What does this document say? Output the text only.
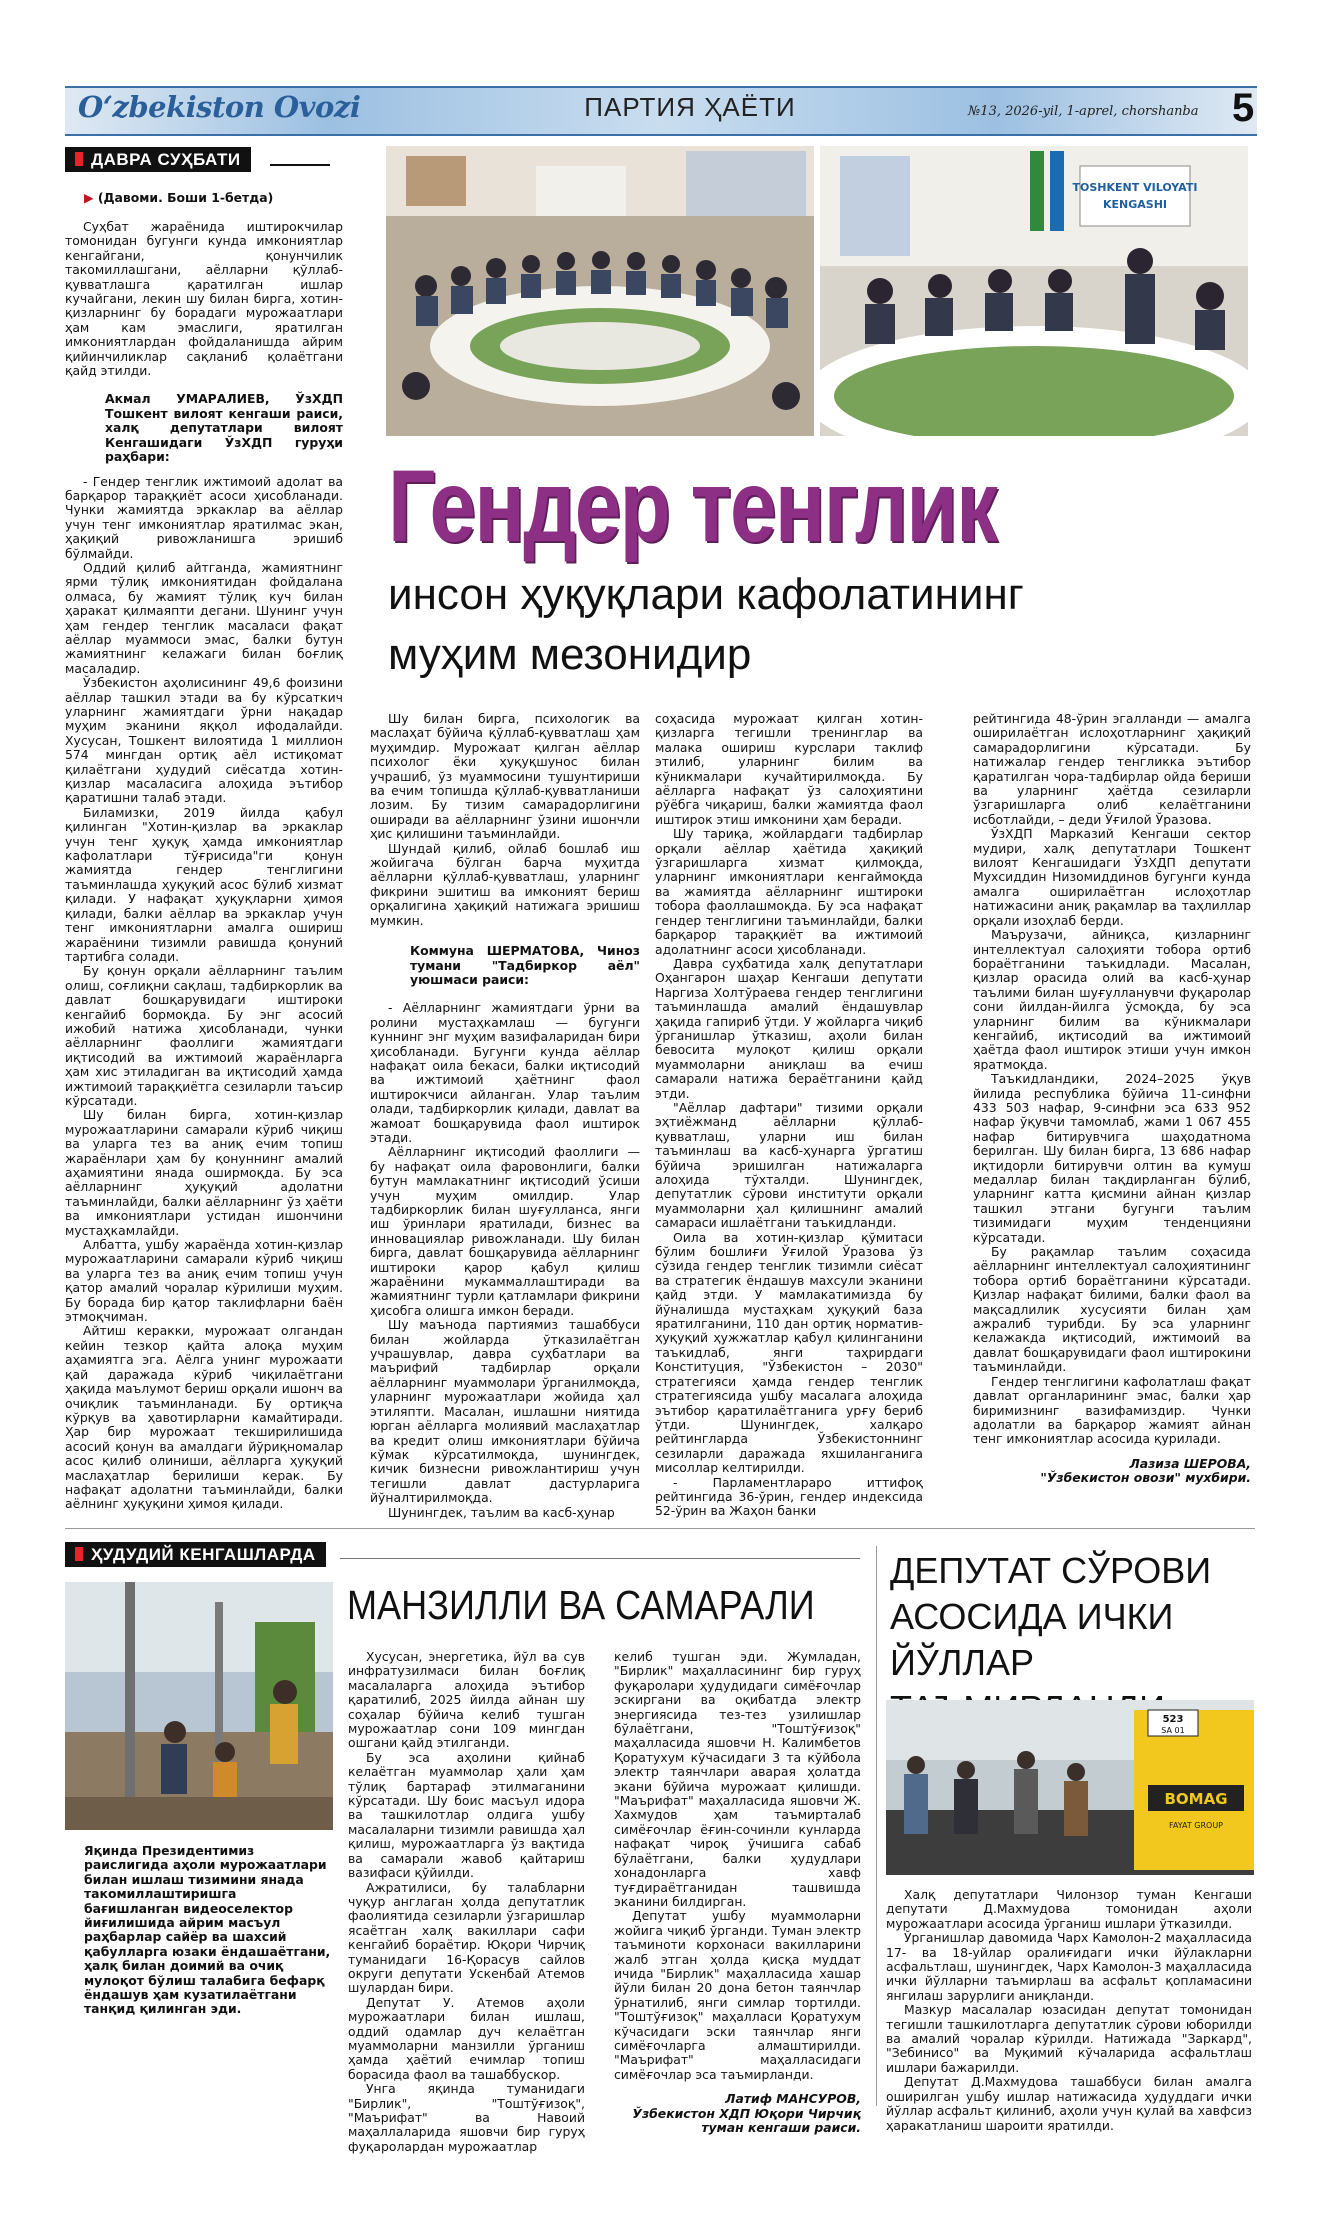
O‘zbekiston Ovozi	ПАРТИЯ ҲАЁТИ	№13, 2026-yil, 1-aprel, chorshanba 5
ДАВРА СУҲБАТИ
▶ (Давоми. Боши 1-бетда)

Суҳбат жараёнида иштирокчилар томонидан бугунги кунда имкониятлар кенгайгани, қонунчилик такомиллашгани, аёлларни қўллаб-қувватлашга қаратилган ишлар кучайгани, лекин шу билан бирга, хотин-қизларнинг бу борадаги мурожаатлари ҳам кам эмаслиги, яратилган имкониятлардан фойдаланишда айрим қийинчиликлар сақланиб қолаётгани қайд этилди.

Акмал УМАРАЛИЕВ, ЎзХДП Тошкент вилоят кенгаши раиси, халқ депутатлари вилоят Кенгашидаги ЎзХДП гуруҳи раҳбари:

- Гендер тенглик ижтимоий адолат ва барқарор тараққиёт асоси ҳисобланади. Чунки жамиятда эркаклар ва аёллар учун тенг имкониятлар яратилмас экан, ҳақиқий ривожланишга эришиб бўлмайди.

Оддий қилиб айтганда, жамиятнинг ярми тўлиқ имкониятидан фойдалана олмаса, бу жамият тўлиқ куч билан ҳаракат қилмаяпти дегани. Шунинг учун ҳам гендер тенглик масаласи фақат аёллар муаммоси эмас, балки бутун жамиятнинг келажаги билан боғлиқ масаладир.

Ўзбекистон аҳолисининг 49,6 фоизини аёллар ташкил этади ва бу кўрсаткич уларнинг жамиятдаги ўрни нақадар муҳим эканини яққол ифодалайди. Хусусан, Тошкент вилоятида 1 миллион 574 мингдан ортиқ аёл истиқомат қилаётгани ҳудудий сиёсатда хотин-қизлар масаласига алоҳида эътибор қаратишни талаб этади.

Биламизки, 2019 йилда қабул қилинган "Хотин-қизлар ва эркаклар учун тенг ҳуқуқ ҳамда имкониятлар кафолатлари тўғрисида"ги қонун жамиятда гендер тенглигини таъминлашда ҳуқуқий асос бўлиб хизмат қилади. У нафақат ҳуқуқларни ҳимоя қилади, балки аёллар ва эркаклар учун тенг имкониятларни амалга ошириш жараёнини тизимли равишда қонуний тартибга солади.

Бу қонун орқали аёлларнинг таълим олиш, соғлиқни сақлаш, тадбиркорлик ва давлат бошқарувидаги иштироки кенгайиб бормоқда. Бу энг асосий ижобий натижа ҳисобланади, чунки аёлларнинг фаоллиги жамиятдаги иқтисодий ва ижтимоий жараёнларга ҳам хис этиладиган ва иқтисодий ҳамда ижтимоий тараққиётга сезиларли таъсир кўрсатади.

Шу билан бирга, хотин-қизлар мурожаатларини самарали кўриб чиқиш ва уларга тез ва аниқ ечим топиш жараёнлари ҳам бу қонуннинг амалий аҳамиятини янада оширмоқда. Бу эса аёлларнинг ҳуқуқий адолатни таъминлайди, балки аёлларнинг ўз ҳаёти ва имкониятлари устидан ишончини мустаҳкамлайди.

Албатта, ушбу жараёнда хотин-қизлар мурожаатларини самарали кўриб чиқиш ва уларга тез ва аниқ ечим топиш учун қатор амалий чоралар кўрилиши муҳим. Бу борада бир қатор таклифларни баён этмоқчиман.

Айтиш керакки, мурожаат олгандан кейин тезкор қайта алоқа муҳим аҳамиятга эга. Аёлга унинг мурожаати қай даражада кўриб чиқилаётгани ҳақида маълумот бериш орқали ишонч ва очиқлик таъминланади. Бу ортиқча кўрқув ва ҳавотирларни камайтиради. Ҳар бир мурожаат текширилишида асосий қонун ва амалдаги йўриқномалар асос қилиб олиниши, аёлларга ҳуқуқий маслаҳатлар берилиши керак. Бу нафақат адолатни таъминлайди, балки аёлнинг ҳуқуқини ҳимоя қилади.

TOSHKENT VILOYATI
KENGASHI
Гендер тенглик
инсон ҳуқуқлари кафолатининг
муҳим мезонидир

Шу билан бирга, психологик ва маслаҳат бўйича қўллаб-қувватлаш ҳам муҳимдир. Мурожаат қилган аёллар психолог ёки ҳуқуқшунос билан учрашиб, ўз муаммосини тушунтириши ва ечим топишда қўллаб-қувватланиши лозим. Бу тизим самарадорлигини оширади ва аёлларнинг ўзини ишончли ҳис қилишини таъминлайди.

Шундай қилиб, ойлаб бошлаб иш жойигача бўлган барча муҳитда аёлларни қўллаб-қувватлаш, уларнинг фикрини эшитиш ва имконият бериш орқалигина ҳақиқий натижага эришиш мумкин.

Коммуна ШЕРМАТОВА, Чиноз тумани "Тадбиркор аёл" уюшмаси раиси:

- Аёлларнинг жамиятдаги ўрни ва ролини мустаҳкамлаш — бугунги куннинг энг муҳим вазифаларидан бири ҳисобланади. Бугунги кунда аёллар нафақат оила бекаси, балки иқтисодий ва ижтимоий ҳаётнинг фаол иштирокчиси айланган. Улар таълим олади, тадбиркорлик қилади, давлат ва жамоат бошқарувида фаол иштирок этади.

Аёлларнинг иқтисодий фаоллиги — бу нафақат оила фаровонлиги, балки бутун мамлакатнинг иқтисодий ўсиши учун муҳим омилдир. Улар тадбиркорлик билан шуғулланса, янги иш ўринлари яратилади, бизнес ва инновациялар ривожланади. Шу билан бирга, давлат бошқарувида аёлларнинг иштироки қарор қабул қилиш жараёнини мукаммаллаштиради ва жамиятнинг турли қатламлари фикрини ҳисобга олишга имкон беради.

Шу маънода партиямиз ташаббуси билан жойларда ўтказилаётган учрашувлар, давра суҳбатлари ва маърифий тадбирлар орқали аёлларнинг муаммолари ўрганилмоқда, уларнинг мурожаатлари жойида ҳал этиляпти. Масалан, ишлашни ниятида юрган аёлларга молиявий маслаҳатлар ва кредит олиш имкониятлари бўйича кўмак кўрсатилмоқда, шунингдек, кичик бизнесни ривожлантириш учун тегишли давлат дастурларига йўналтирилмоқда.

Шунингдек, таълим ва касб-ҳунар

соҳасида мурожаат қилган хотин-қизларга тегишли тренинглар ва малака ошириш курслари таклиф этилиб, уларнинг билим ва кўникмалари кучайтирилмоқда. Бу аёлларга нафақат ўз салоҳиятини рўёбга чиқариш, балки жамиятда фаол иштирок этиш имконини ҳам беради.

Шу тариқа, жойлардаги тадбирлар орқали аёллар ҳаётида ҳақиқий ўзгаришларга хизмат қилмоқда, уларнинг имкониятлари кенгаймоқда ва жамиятда аёлларнинг иштироки тобора фаоллашмоқда. Бу эса нафақат гендер тенглигини таъминлайди, балки барқарор тараққиёт ва ижтимоий адолатнинг асоси ҳисобланади.

Давра суҳбатида халқ депутатлари Оҳангарон шаҳар Кенгаши депутати Наргиза Холтўраева гендер тенглигини таъминлашда амалий ёндашувлар ҳақида гапириб ўтди. У жойларга чиқиб ўрганишлар ўтказиш, аҳоли билан бевосита мулоқот қилиш орқали муаммоларни аниқлаш ва ечиш самарали натижа бераётганини қайд этди.

"Аёллар дафтари" тизими орқали эҳтиёжманд аёлларни қўллаб-қувватлаш, уларни иш билан таъминлаш ва касб-ҳунарга ўргатиш бўйича эришилган натижаларга алоҳида тўхталди. Шунингдек, депутатлик сўрови институти орқали муаммоларни ҳал қилишнинг амалий самараси ишлаётгани таъкидланди.

Оила ва хотин-қизлар қўмитаси бўлим бошлиғи Ўғилой Ўразова ўз сўзида гендер тенглик тизимли сиёсат ва стратегик ёндашув махсули эканини қайд этди. У мамлакатимизда бу йўналишда мустаҳкам ҳуқуқий база яратилганини, 110 дан ортиқ норматив-ҳуқуқий ҳужжатлар қабул қилинганини таъкидлаб, янги таҳрирдаги Конституция, "Ўзбекистон – 2030" стратегияси ҳамда гендер тенглик стратегиясида ушбу масалага алоҳида эътибор қаратилаётганига урғу бериб ўтди. Шунингдек, халқаро рейтингларда Ўзбекистоннинг сезиларли даражада яхшиланганига мисоллар келтирилди.

- Парламентлараро иттифоқ рейтингида 36-ўрин, гендер индексида 52-ўрин ва Жаҳон банки

рейтингида 48-ўрин эгалланди — амалга оширилаётган ислоҳотларнинг ҳақиқий самарадорлигини кўрсатади. Бу натижалар гендер тенгликка эътибор қаратилган чора-тадбирлар ойда бериши ва уларнинг ҳаётда сезиларли ўзгаришларга олиб келаётганини исботлайди, – деди Ўғилой Ўразова.

ЎзХДП Марказий Кенгаши сектор мудири, халқ депутатлари Тошкент вилоят Кенгашидаги ЎзХДП депутати Мухсиддин Низомиддинов бугунги кунда амалга оширилаётган ислоҳотлар натижасини аниқ рақамлар ва таҳлиллар орқали изоҳлаб берди.

Маърузачи, айниқса, қизларнинг интеллектуал салоҳияти тобора ортиб бораётганини таъкидлади. Масалан, қизлар орасида олий ва касб-ҳунар таълими билан шуғулланувчи фуқаролар сони йилдан-йилга ўсмоқда, бу эса уларнинг билим ва кўникмалари кенгайиб, иқтисодий ва ижтимоий ҳаётда фаол иштирок этиши учун имкон яратмоқда.

Таъкидландики, 2024–2025 ўқув йилида республика бўйича 11-синфни 433 503 нафар, 9-синфни эса 633 952 нафар ўқувчи тамомлаб, жами 1 067 455 нафар битирувчига шаҳодатнома берилган. Шу билан бирга, 13 686 нафар иқтидорли битирувчи олтин ва кумуш медаллар билан тақдирланган бўлиб, уларнинг катта қисмини айнан қизлар ташкил этгани бугунги таълим тизимидаги муҳим тенденцияни кўрсатади.

Бу рақамлар таълим соҳасида аёлларнинг интеллектуал салоҳиятининг тобора ортиб бораётганини кўрсатади. Қизлар нафақат билими, балки фаол ва мақсадлилик хусусияти билан ҳам ажралиб турибди. Бу эса уларнинг келажакда иқтисодий, ижтимоий ва давлат бошқарувидаги фаол иштирокини таъминлайди.

Гендер тенглигини кафолатлаш фақат давлат органларининг эмас, балки ҳар биримизнинг вазифамиздир. Чунки адолатли ва барқарор жамият айнан тенг имкониятлар асосида қурилади.

Лазиза ШЕРОВА,
"Ўзбекистон овози" мухбири.
ҲУДУДИЙ КЕНГАШЛАРДА
Яқинда Президентимиз раислигида аҳоли мурожаатлари билан ишлаш тизимини янада такомиллаштиришга бағишланган видеоселектор йиғилишида айрим масъул раҳбарлар сайёр ва шахсий қабулларга юзаки ёндашаётгани, ҳалқ билан доимий ва очиқ мулоқот бўлиш талабига бефарқ ёндашув ҳам кузатилаётгани танқид қилинган эди.
МАНЗИЛЛИ ВА САМАРАЛИ

Хусусан, энергетика, йўл ва сув инфратузилмаси билан боғлиқ масалаларга алоҳида эътибор қаратилиб, 2025 йилда айнан шу соҳалар бўйича келиб тушган мурожаатлар сони 109 мингдан ошгани қайд этилганди.

Бу эса аҳолини қийнаб келаётган муаммолар ҳали ҳам тўлиқ бартараф этилмаганини кўрсатади. Шу боис масъул идора ва ташкилотлар олдига ушбу масалаларни тизимли равишда ҳал қилиш, мурожаатларга ўз вақтида ва самарали жавоб қайтариш вазифаси қўйилди.

Ажратилиси, бу талабларни чуқур англаган ҳолда депутатлик фаолиятида сезиларли ўзгаришлар ясаётган халқ вакиллари сафи кенгайиб бораётир. Юқори Чирчиқ туманидаги 16-Қорасув сайлов округи депутати Ускенбай Атемов шулардан бири.

Депутат У. Атемов аҳоли мурожаатлари билан ишлаш, оддий одамлар дуч келаётган муаммоларни манзилли ўрганиш ҳамда ҳаётий ечимлар топиш борасида фаол ва ташаббускор.

Унга яқинда туманидаги "Бирлик", "Тоштўғизоқ", "Маърифат" ва Навоий маҳаллаларида яшовчи бир гуруҳ фуқаролардан мурожаатлар

келиб тушган эди. Жумладан, "Бирлик" маҳалласининг бир гуруҳ фуқаролари ҳудудидаги симёғочлар эскиргани ва оқибатда электр энергиясида тез-тез узилишлар бўлаётгани, "Тоштўғизоқ" маҳалласида яшовчи Н. Калимбетов Қоратухум кўчасидаги 3 та кўйбола электр таянчлари аварая ҳолатда экани бўйича мурожаат қилишди. "Маърифат" маҳалласида яшовчи Ж. Хахмудов ҳам таъмирталаб симёғочлар ёғин-сочинли кунларда нафақат чироқ ўчишига сабаб бўлаётгани, балки ҳудудлари хонадонларга хавф туғдираётганидан ташвишда эканини билдирган.

Депутат ушбу муаммоларни жойига чиқиб ўрганди. Туман электр таъминоти корхонаси вакилларини жалб этган ҳолда қисқа муддат ичида "Бирлик" маҳалласида хашар йўли билан 20 дона бетон таянчлар ўрнатилиб, янги симлар тортилди. "Тоштўғизоқ" маҳалласи Қоратухум кўчасидаги эски таянчлар янги симёғочларга алмаштирилди. "Маърифат" маҳалласидаги симёғочлар эса таъмирланди.

Латиф МАНСУРОВ,
Ўзбекистон ХДП Юқори Чирчиқ туман кенгаши раиси.
ДЕПУТАТ СЎРОВИ
АСОСИДА ИЧКИ ЙЎЛЛАР
BOMAG
FAYAT GROUP
523
SA 01

Халқ депутатлари Чилонзор туман Кенгаши депутати Д.Махмудова томонидан аҳоли мурожаатлари асосида ўрганиш ишлари ўтказилди.

Ўрганишлар давомида Чарх Камолон-2 маҳалласида 17- ва 18-уйлар оралиғидаги ички йўлакларни асфальтлаш, шунингдек, Чарх Камолон-3 маҳалласида ички йўлларни таъмирлаш ва асфальт қопламасини янгилаш зарурлиги аниқланди.

Мазкур масалалар юзасидан депутат томонидан тегишли ташкилотларга депутатлик сўрови юборилди ва амалий чоралар кўрилди. Натижада "Заркард", "Зебинисо" ва Муқимий кўчаларида асфальтлаш ишлари бажарилди.

Депутат Д.Махмудова ташаббуси билан амалга оширилган ушбу ишлар натижасида ҳудуддаги ички йўллар асфальт қилиниб, аҳоли учун қулай ва хавфсиз ҳаракатланиш шароити яратилди.
